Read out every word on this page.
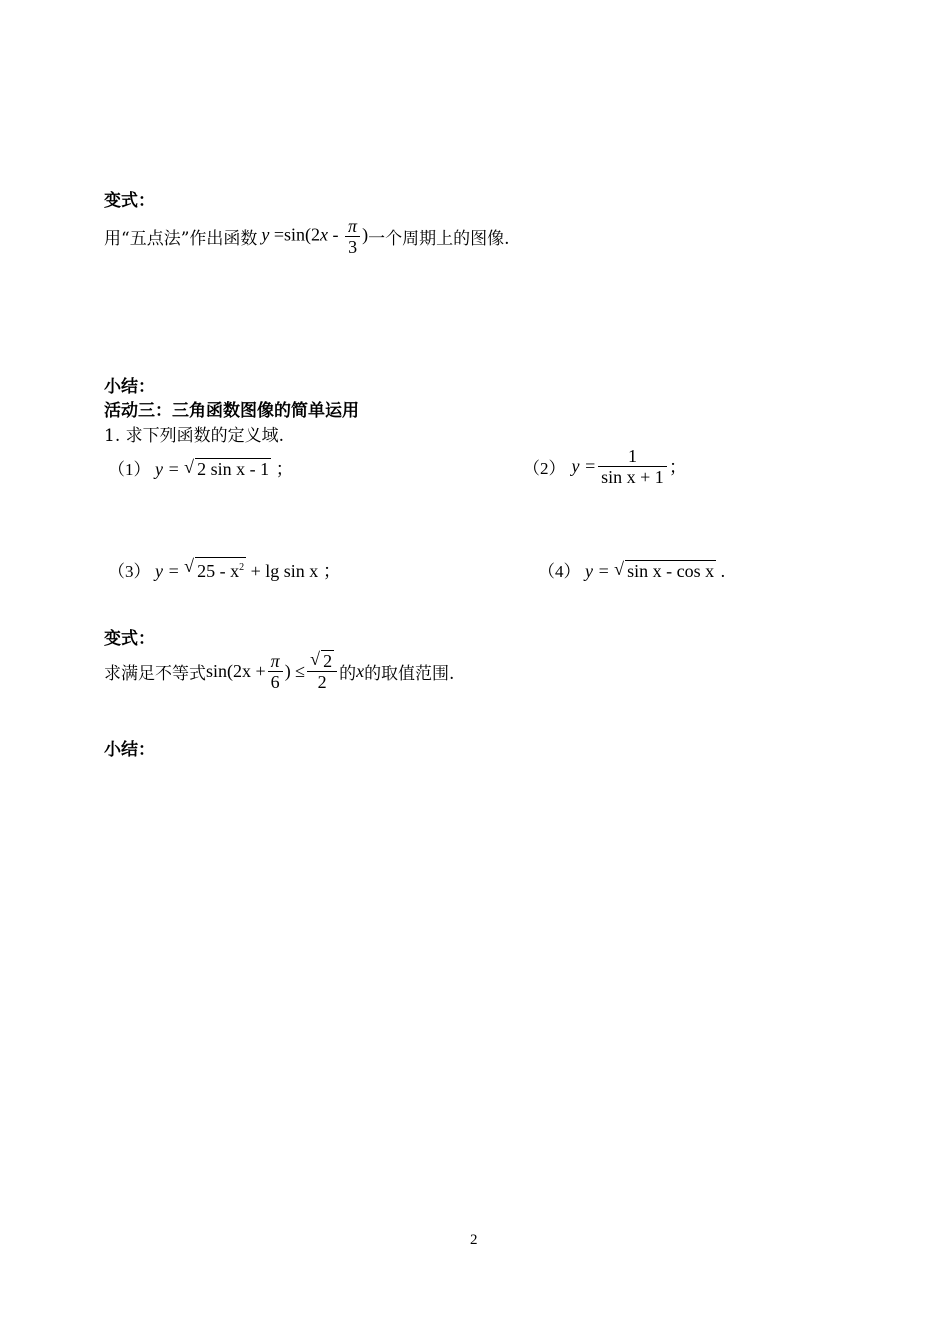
变式：
用“五点法”作出函数 $y =\sin(2x - \frac{\pi}{3}$ ) 一个周期上的图像.
小结：
活动三：三角函数图像的简单运用
1. 求下列函数的定义域.
（1） y = √ 2 sin x - 1 ；	（2） $y = \frac{1}{\text{sin x + 1}}$ ；
（3） y = √ $25 - x^2 + \lg \sin x$ ；	（4） y = √ sin x - cos x .
变式：
求满足不等式 $\sin(2x + \frac{\pi}{6}$ ) ≤ √ $\frac{2}{2}$ 的 x 的取值范围.
小结：
2
